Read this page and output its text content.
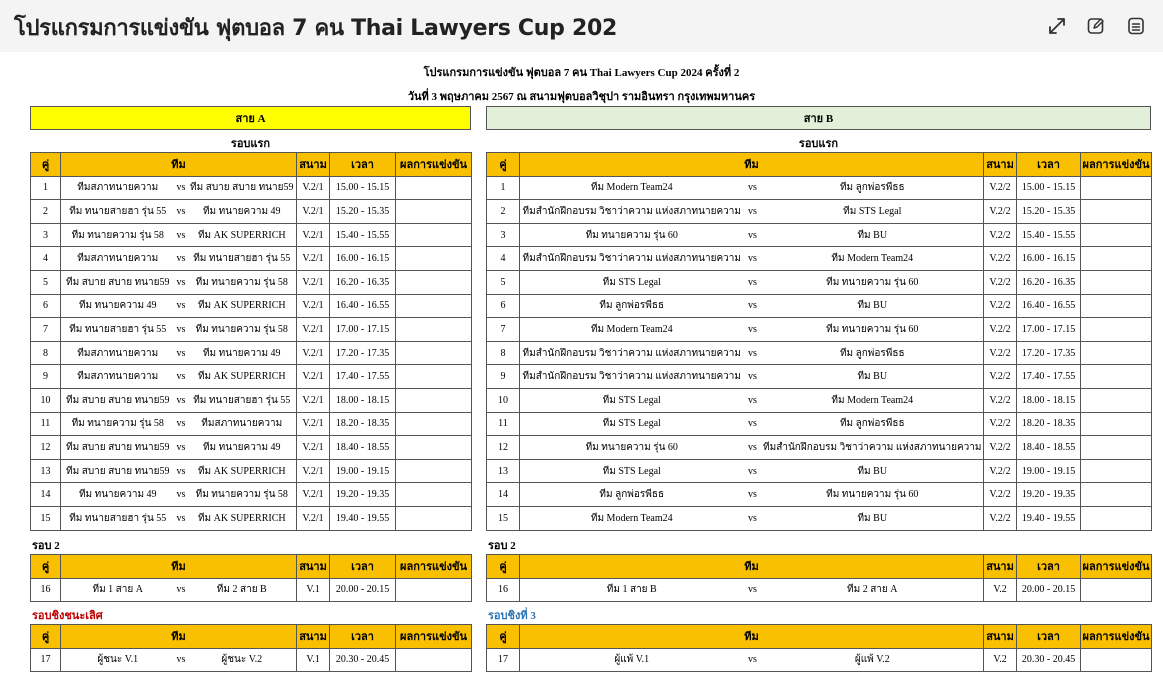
โปรแกรมการแข่งขัน ฟุตบอล 7 คน Thai Lawyers Cup 202
โปรแกรมการแข่งขัน ฟุตบอล 7 คน Thai Lawyers Cup 2024 ครั้งที่ 2
วันที่ 3 พฤษภาคม 2567 ณ สนามฟุตบอลวิชุปา รามอินทรา กรุงเทพมหานคร
สาย A	สาย B
รอบแรก	รอบแรก
คู่	ทีม			สนาม	เวลา	ผลการแข่งขัน
1	ทีมสภาทนายความ	vs	ทีม สบาย สบาย ทนาย59	V.2/1	15.00 - 15.15	
2	ทีม ทนายสายฮา รุ่น 55	vs	ทีม ทนายความ 49	V.2/1	15.20 - 15.35	
3	ทีม ทนายความ รุ่น 58	vs	ทีม AK SUPERRICH	V.2/1	15.40 - 15.55	
4	ทีมสภาทนายความ	vs	ทีม ทนายสายฮา รุ่น 55	V.2/1	16.00 - 16.15	
5	ทีม สบาย สบาย ทนาย59	vs	ทีม ทนายความ รุ่น 58	V.2/1	16.20 - 16.35	
6	ทีม ทนายความ 49	vs	ทีม AK SUPERRICH	V.2/1	16.40 - 16.55	
7	ทีม ทนายสายฮา รุ่น 55	vs	ทีม ทนายความ รุ่น 58	V.2/1	17.00 - 17.15	
8	ทีมสภาทนายความ	vs	ทีม ทนายความ 49	V.2/1	17.20 - 17.35	
9	ทีมสภาทนายความ	vs	ทีม AK SUPERRICH	V.2/1	17.40 - 17.55	
10	ทีม สบาย สบาย ทนาย59	vs	ทีม ทนายสายฮา รุ่น 55	V.2/1	18.00 - 18.15	
11	ทีม ทนายความ รุ่น 58	vs	ทีมสภาทนายความ	V.2/1	18.20 - 18.35	
12	ทีม สบาย สบาย ทนาย59	vs	ทีม ทนายความ 49	V.2/1	18.40 - 18.55	
13	ทีม สบาย สบาย ทนาย59	vs	ทีม AK SUPERRICH	V.2/1	19.00 - 19.15	
14	ทีม ทนายความ 49	vs	ทีม ทนายความ รุ่น 58	V.2/1	19.20 - 19.35	
15	ทีม ทนายสายฮา รุ่น 55	vs	ทีม AK SUPERRICH	V.2/1	19.40 - 19.55	
คู่	ทีม			สนาม	เวลา	ผลการแข่งขัน
1	ทีม Modern Team24	vs	ทีม ลูกพ่อรพีธธ	V.2/2	15.00 - 15.15	
2	ทีมสำนักฝึกอบรม วิชาว่าความ แห่งสภาทนายความ	vs	ทีม STS Legal	V.2/2	15.20 - 15.35	
3	ทีม ทนายความ รุ่น 60	vs	ทีม BU	V.2/2	15.40 - 15.55	
4	ทีมสำนักฝึกอบรม วิชาว่าความ แห่งสภาทนายความ	vs	ทีม Modern Team24	V.2/2	16.00 - 16.15	
5	ทีม STS Legal	vs	ทีม ทนายความ รุ่น 60	V.2/2	16.20 - 16.35	
6	ทีม ลูกพ่อรพีธธ	vs	ทีม BU	V.2/2	16.40 - 16.55	
7	ทีม Modern Team24	vs	ทีม ทนายความ รุ่น 60	V.2/2	17.00 - 17.15	
8	ทีมสำนักฝึกอบรม วิชาว่าความ แห่งสภาทนายความ	vs	ทีม ลูกพ่อรพีธธ	V.2/2	17.20 - 17.35	
9	ทีมสำนักฝึกอบรม วิชาว่าความ แห่งสภาทนายความ	vs	ทีม BU	V.2/2	17.40 - 17.55	
10	ทีม STS Legal	vs	ทีม Modern Team24	V.2/2	18.00 - 18.15	
11	ทีม STS Legal	vs	ทีม ลูกพ่อรพีธธ	V.2/2	18.20 - 18.35	
12	ทีม ทนายความ รุ่น 60	vs	ทีมสำนักฝึกอบรม วิชาว่าความ แห่งสภาทนายความ	V.2/2	18.40 - 18.55	
13	ทีม STS Legal	vs	ทีม BU	V.2/2	19.00 - 19.15	
14	ทีม ลูกพ่อรพีธธ	vs	ทีม ทนายความ รุ่น 60	V.2/2	19.20 - 19.35	
15	ทีม Modern Team24	vs	ทีม BU	V.2/2	19.40 - 19.55	
รอบ 2	รอบ 2
คู่	ทีม			สนาม	เวลา	ผลการแข่งขัน
16	ทีม 1 สาย A	vs	ทีม 2 สาย B	V.1	20.00 - 20.15	
คู่	ทีม			สนาม	เวลา	ผลการแข่งขัน
16	ทีม 1 สาย B	vs	ทีม 2 สาย A	V.2	20.00 - 20.15	
รอบชิงชนะเลิศ	รอบชิงที่ 3
คู่	ทีม			สนาม	เวลา	ผลการแข่งขัน
17	ผู้ชนะ V.1	vs	ผู้ชนะ V.2	V.1	20.30 - 20.45	
คู่	ทีม			สนาม	เวลา	ผลการแข่งขัน
17	ผู้แพ้ V.1	vs	ผู้แพ้ V.2	V.2	20.30 - 20.45	
